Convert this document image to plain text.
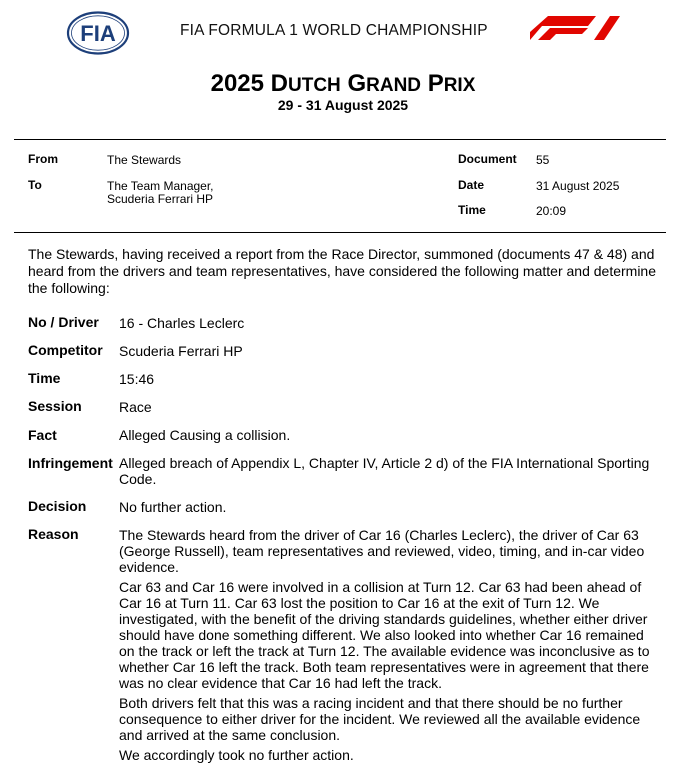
FIA	FIA FORMULA 1 WORLD CHAMPIONSHIP
2025 DUTCH GRAND PRIX
29 - 31 August 2025
From	The Stewards
To	The Team Manager,
Scuderia Ferrari HP
Document 55
Date	31 August 2025
Time	20:09
The Stewards, having received a report from the Race Director, summoned (documents 47 & 48) and heard from the drivers and team representatives, have considered the following matter and determine the following:
No / Driver 16 - Charles Leclerc
Competitor Scuderia Ferrari HP
Time	15:46
Session	Race
Fact	Alleged Causing a collision.
Infringement Alleged breach of Appendix L, Chapter IV, Article 2 d) of the FIA International Sporting Code.
Decision No further action.
Reason	The Stewards heard from the driver of Car 16 (Charles Leclerc), the driver of Car 63 (George Russell), team representatives and reviewed, video, timing, and in-car video evidence.

Car 63 and Car 16 were involved in a collision at Turn 12. Car 63 had been ahead of Car 16 at Turn 11. Car 63 lost the position to Car 16 at the exit of Turn 12. We investigated, with the benefit of the driving standards guidelines, whether either driver should have done something different. We also looked into whether Car 16 remained on the track or left the track at Turn 12. The available evidence was inconclusive as to whether Car 16 left the track. Both team representatives were in agreement that there was no clear evidence that Car 16 had left the track.

Both drivers felt that this was a racing incident and that there should be no further consequence to either driver for the incident. We reviewed all the available evidence and arrived at the same conclusion.

We accordingly took no further action.
